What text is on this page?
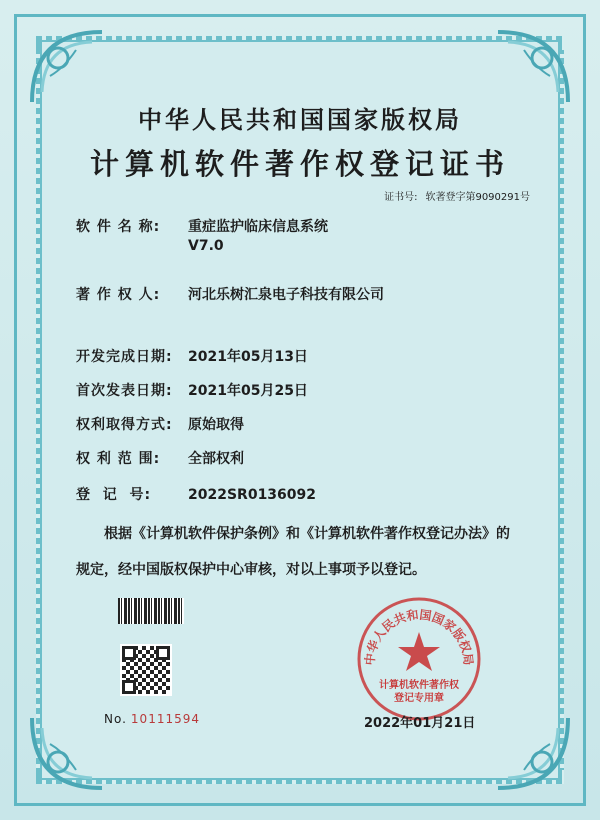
中华人民共和国国家版权局
计算机软件著作权登记证书
证书号: 软著登字第9090291号
软 件 名 称: 重症监护临床信息系统
V7.0
著 作 权 人: 河北乐树汇泉电子科技有限公司
开发完成日期: 2021年05月13日
首次发表日期: 2021年05月25日
权利取得方式: 原始取得
权 利 范 围: 全部权利
登  记  号:	2022SR0136092
根据《计算机软件保护条例》和《计算机软件著作权登记办法》的
规定，经中国版权保护中心审核，对以上事项予以登记。
No. 10111594
中华人民共和国国家版权局
计算机软件著作权
登记专用章
2022年01月21日
